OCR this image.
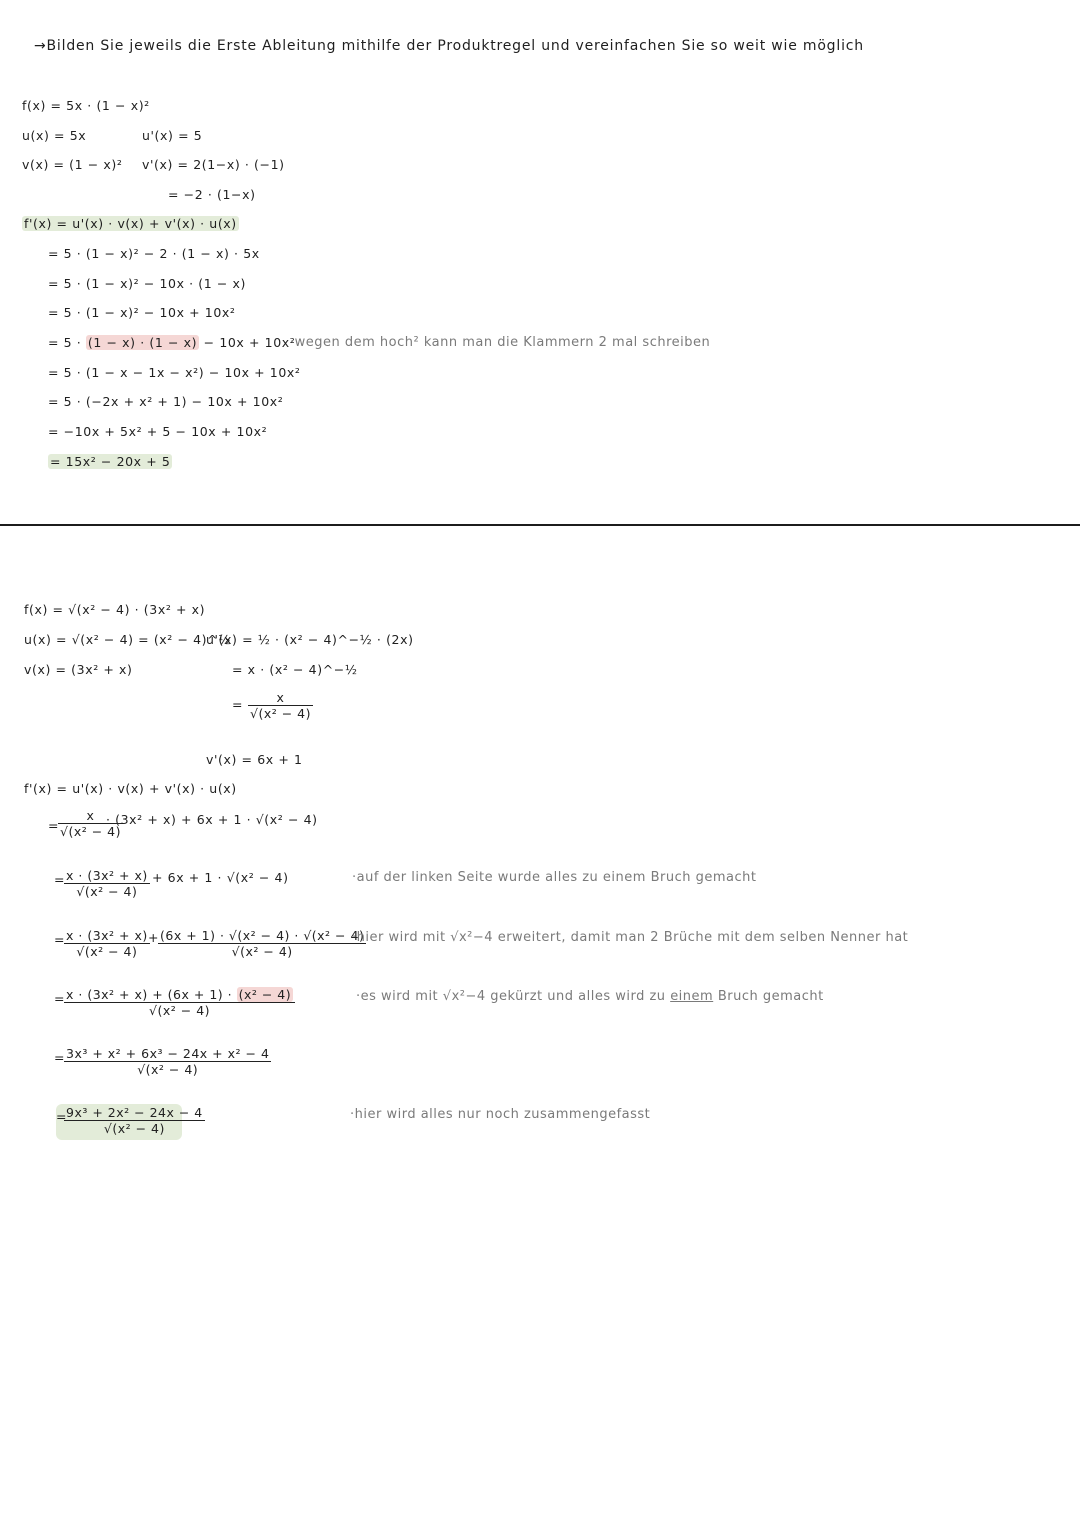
→Bilden Sie jeweils die Erste Ableitung mithilfe der Produktregel und vereinfachen Sie so weit wie möglich
f(x) = 5x · (1 − x)²
u(x) = 5x	u'(x) = 5
v(x) = (1 − x)² v'(x) = 2(1−x) · (−1)
= −2 · (1−x)
f'(x) = u'(x) · v(x) + v'(x) · u(x)
= 5 · (1 − x)² − 2 · (1 − x) · 5x
= 5 · (1 − x)² − 10x · (1 − x)
= 5 · (1 − x)² − 10x + 10x²
= 5 · (1 − x) · (1 − x) − 10x + 10x²
= 5 · (1 − x − 1x − x²) − 10x + 10x²
= 5 · (−2x + x² + 1) − 10x + 10x²
= −10x + 5x² + 5 − 10x + 10x²
= 15x² − 20x + 5
·wegen dem hoch² kann man die Klammern 2 mal schreiben
f(x) = √(x² − 4) · (3x² + x)
u(x) = √(x² − 4) = (x² − 4)^½
v(x) = (3x² + x)
u'(x) = ½ · (x² − 4)^−½ · (2x)
= x · (x² − 4)^−½
= $\frac{x}{\text{√(x² − 4)}}$
v'(x) = 6x + 1
f'(x) = u'(x) · v(x) + v'(x) · u(x)
=
$\frac{x}{\text{√(x² − 4)}}$
· (3x² + x) + 6x + 1 · √(x² − 4)
=
$\frac{\text{x · (3x² + x)}}{\text{√(x² − 4)}} + 6x + 1 \cdot √(x^2 - 4)$
=
$\frac{\text{x · (3x² + x)}}{\text{√(x² − 4)}}$
+
$\frac{\text{(6x + 1) · √(x² − 4) · √(x² − 4)}}{\text{√(x² − 4)}}$
=
$\frac{\text{x · (3x² + x) + (6x + 1) · (x² − 4)}}{\text{√(x² − 4)}}$
=
$\frac{\text{3x³ + x² + 6x³ − 24x + x² − 4}}{\text{√(x² − 4)}}$
=
$\frac{\text{9x³ + 2x² − 24x − 4}}{\text{√(x² − 4)}}$
·auf der linken Seite wurde alles zu einem Bruch gemacht
·hier wird mit √x²−4 erweitert, damit man 2 Brüche mit dem selben Nenner hat
·es wird mit √x²−4 gekürzt und alles wird zu einem Bruch gemacht
·hier wird alles nur noch zusammengefasst
